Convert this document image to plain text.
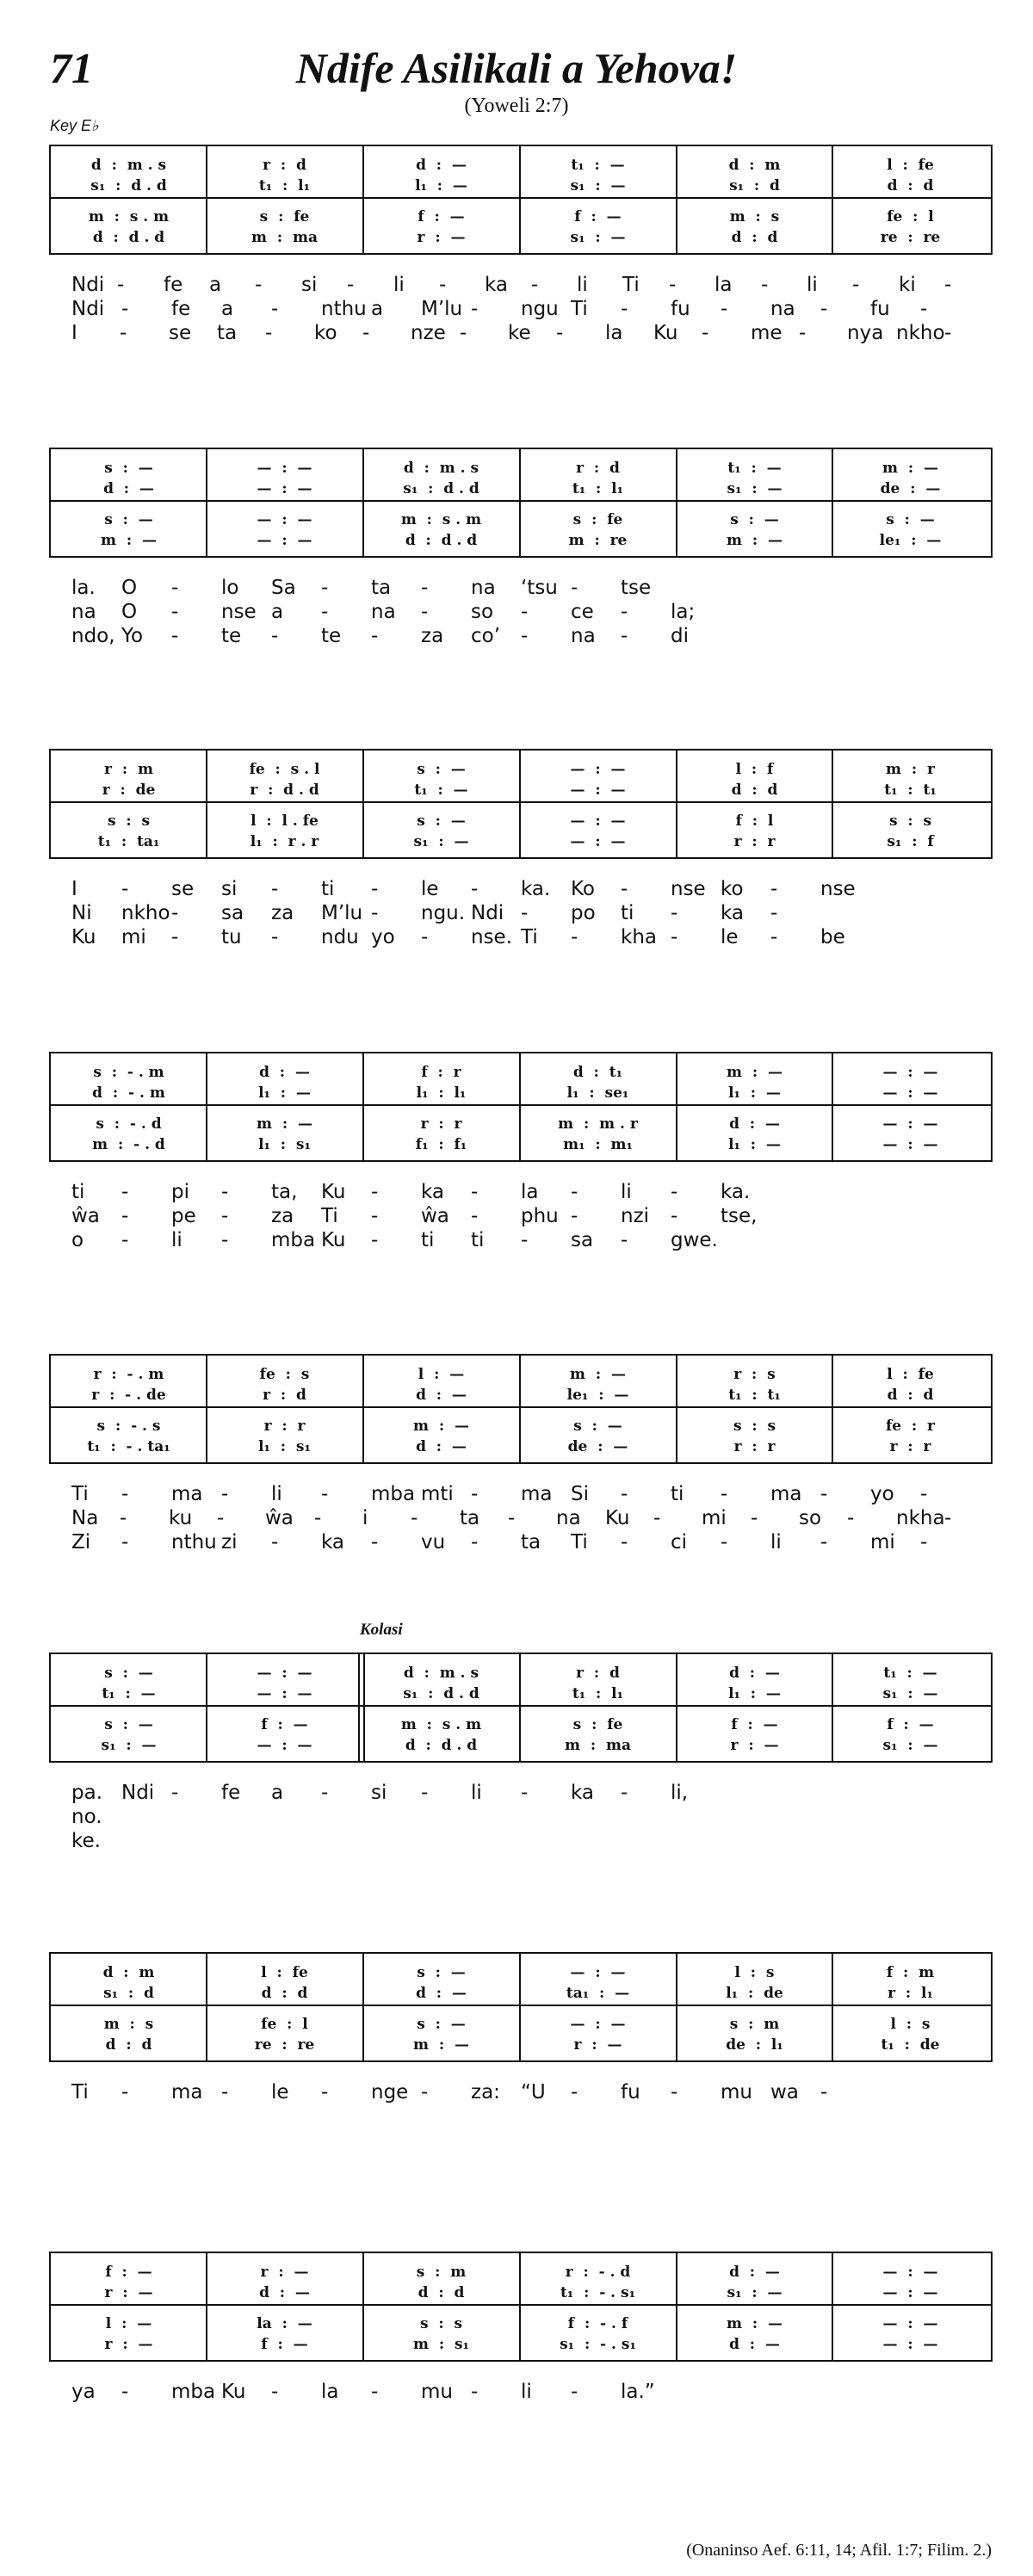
71	Ndife Asilikali a Yehova!
(Yoweli 2:7)
Key E♭
Kolasi
(Onaninso Aef. 6:11, 14; Afil. 1:7; Filim. 2.)
d  :  m . s
s₁  :  d . d
m  :  s . m
d  :  d . d
r  :  d
t₁  :  l₁
s  :  fe
m  :  ma
d  :  —
l₁  :  —
f  :  —
r  :  —
t₁  :  —
s₁  :  —
f  :  —
s₁  :  —
d  :  m
s₁  :  d
m  :  s
d  :  d
l  :  fe
d  :  d
fe  :  l
re  :  re
Ndi - fe a - si - li - ka - li Ti - la - li - ki -
Ndi - fe a - nthu a M’lu - ngu Ti - fu - na - fu -
I - se ta - ko - nze - ke - la Ku - me - nya nkho -
s  :  —
d  :  —
s  :  —
m  :  —
—  :  —
—  :  —
—  :  —
—  :  —
d  :  m . s
s₁  :  d . d
m  :  s . m
d  :  d . d
r  :  d
t₁  :  l₁
s  :  fe
m  :  re
t₁  :  —
s₁  :  —
s  :  —
m  :  —
m  :  —
de  :  —
s  :  —
le₁  :  —
la. O - lo Sa - ta - na ‘tsu - tse
na O - nse a - na - so - ce - la;
ndo, Yo - te - te - za co’ - na - di
r  :  m
r  :  de
s  :  s
t₁  :  ta₁
fe  :  s . l
r  :  d . d
l  :  l . fe
l₁  :  r . r
s  :  —
t₁  :  —
s  :  —
s₁  :  —
—  :  —
—  :  —
—  :  —
—  :  —
l  :  f
d  :  d
f  :  l
r  :  r
m  :  r
t₁  :  t₁
s  :  s
s₁  :  f
I - se si - ti - le - ka. Ko - nse ko - nse
Ni nkho - sa za M’lu - ngu. Ndi - po ti - ka -
Ku mi - tu - ndu yo - nse. Ti - kha - le - be
s  :  - . m
d  :  - . m
s  :  - . d
m  :  - . d
d  :  —
l₁  :  —
m  :  —
l₁  :  s₁
f  :  r
l₁  :  l₁
r  :  r
f₁  :  f₁
d  :  t₁
l₁  :  se₁
m  :  m . r
m₁  :  m₁
m  :  —
l₁  :  —
d  :  —
l₁  :  —
—  :  —
—  :  —
—  :  —
—  :  —
ti - pi - ta, Ku - ka - la - li - ka.
ŵa - pe - za Ti - ŵa - phu - nzi - tse,
o - li - mba Ku - ti ti - sa - gwe.
r  :  - . m
r  :  - . de
s  :  - . s
t₁  :  - . ta₁
fe  :  s
r  :  d
r  :  r
l₁  :  s₁
l  :  —
d  :  —
m  :  —
d  :  —
m  :  —
le₁  :  —
s  :  —
de  :  —
r  :  s
t₁  :  t₁
s  :  s
r  :  r
l  :  fe
d  :  d
fe  :  r
r  :  r
Ti - ma - li - mba mti - ma Si - ti - ma - yo -
Na - ku - ŵa - i - ta - na Ku - mi - so - nkha -
Zi - nthu zi - ka - vu - ta Ti - ci - li - mi -
s  :  —
t₁  :  —
s  :  —
s₁  :  —
—  :  —
—  :  —
f  :  —
—  :  —
d  :  m . s
s₁  :  d . d
m  :  s . m
d  :  d . d
r  :  d
t₁  :  l₁
s  :  fe
m  :  ma
d  :  —
l₁  :  —
f  :  —
r  :  —
t₁  :  —
s₁  :  —
f  :  —
s₁  :  —
pa. Ndi - fe a - si - li - ka - li,
no.
ke.
d  :  m
s₁  :  d
m  :  s
d  :  d
l  :  fe
d  :  d
fe  :  l
re  :  re
s  :  —
d  :  —
s  :  —
m  :  —
—  :  —
ta₁  :  —
—  :  —
r  :  —
l  :  s
l₁  :  de
s  :  m
de  :  l₁
f  :  m
r  :  l₁
l  :  s
t₁  :  de
Ti - ma - le - nge - za: “U - fu - mu wa -
f  :  —
r  :  —
l  :  —
r  :  —
r  :  —
d  :  —
la  :  —
f  :  —
s  :  m
d  :  d
s  :  s
m  :  s₁
r  :  - . d
t₁  :  - . s₁
f  :  - . f
s₁  :  - . s₁
d  :  —
s₁  :  —
m  :  —
d  :  —
—  :  —
—  :  —
—  :  —
—  :  —
ya - mba Ku - la - mu - li - la.”
